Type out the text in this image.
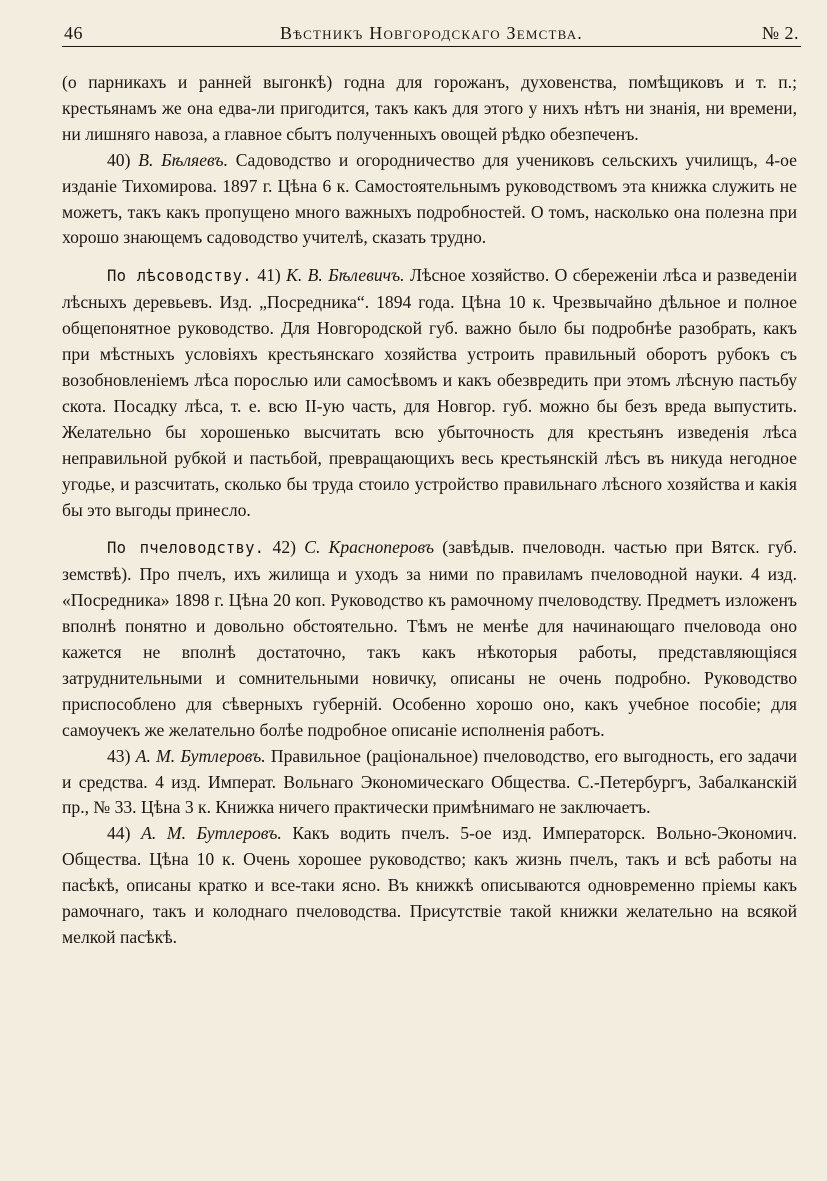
46	Вѣстникъ Новгородскаго Земства.	№ 2.

(о парникахъ и ранней выгонкѣ) годна для горожанъ, духовенства, помѣщиковъ и т. п.; крестьянамъ же она едва-ли пригодится, такъ какъ для этого у нихъ нѣтъ ни знанія, ни времени, ни лишняго навоза, а главное сбытъ полученныхъ овощей рѣдко обезпеченъ.

40) В. Бѣляевъ. Садоводство и огородничество для учениковъ сельскихъ училищъ, 4-ое изданіе Тихомирова. 1897 г. Цѣна 6 к. Самостоятельнымъ руководствомъ эта книжка служить не можетъ, такъ какъ пропущено много важныхъ подробностей. О томъ, насколько она полезна при хорошо знающемъ садоводство учителѣ, сказать трудно.

По лѣсоводству. 41) К. В. Бѣлевичъ. Лѣсное хозяйство. О сбереженіи лѣса и разведеніи лѣсныхъ деревьевъ. Изд. „Посредника“. 1894 года. Цѣна 10 к. Чрезвычайно дѣльное и полное общепонятное руководство. Для Новгородской губ. важно было бы подробнѣе разобрать, какъ при мѣстныхъ условіяхъ крестьянскаго хозяйства устроить правильный оборотъ рубокъ съ возобновленіемъ лѣса порослью или самосѣвомъ и какъ обезвредить при этомъ лѣсную пастьбу скота. Посадку лѣса, т. е. всю II-ую часть, для Новгор. губ. можно бы безъ вреда выпустить. Желательно бы хорошенько высчитать всю убыточность для крестьянъ изведенія лѣса неправильной рубкой и пастьбой, превращающихъ весь крестьянскій лѣсъ въ никуда негодное угодье, и разсчитать, сколько бы труда стоило устройство правильнаго лѣсного хозяйства и какія бы это выгоды принесло.

По пчеловодству. 42) С. Красноперовъ (завѣдыв. пчеловодн. частью при Вятск. губ. земствѣ). Про пчелъ, ихъ жилища и уходъ за ними по правиламъ пчеловодной науки. 4 изд. «Посредника» 1898 г. Цѣна 20 коп. Руководство къ рамочному пчеловодству. Предметъ изложенъ вполнѣ понятно и довольно обстоятельно. Тѣмъ не менѣе для начинающаго пчеловода оно кажется не вполнѣ достаточно, такъ какъ нѣкоторыя работы, представляющіяся затруднительными и сомнительными новичку, описаны не очень подробно. Руководство приспособлено для сѣверныхъ губерній. Особенно хорошо оно, какъ учебное пособіе; для самоучекъ же желательно болѣе подробное описаніе исполненія работъ.

43) А. М. Бутлеровъ. Правильное (раціональное) пчеловодство, его выгодность, его задачи и средства. 4 изд. Императ. Вольнаго Экономическаго Общества. С.-Петербургъ, Забалканскій пр., № 33. Цѣна 3 к. Книжка ничего практически примѣнимаго не заключаетъ.

44) А. М. Бутлеровъ. Какъ водить пчелъ. 5-ое изд. Императорск. Вольно-Экономич. Общества. Цѣна 10 к. Очень хорошее руководство; какъ жизнь пчелъ, такъ и всѣ работы на пасѣкѣ, описаны кратко и все-таки ясно. Въ книжкѣ описываются одновременно пріемы какъ рамочнаго, такъ и колоднаго пчеловодства. Присутствіе такой книжки желательно на всякой мелкой пасѣкѣ.
